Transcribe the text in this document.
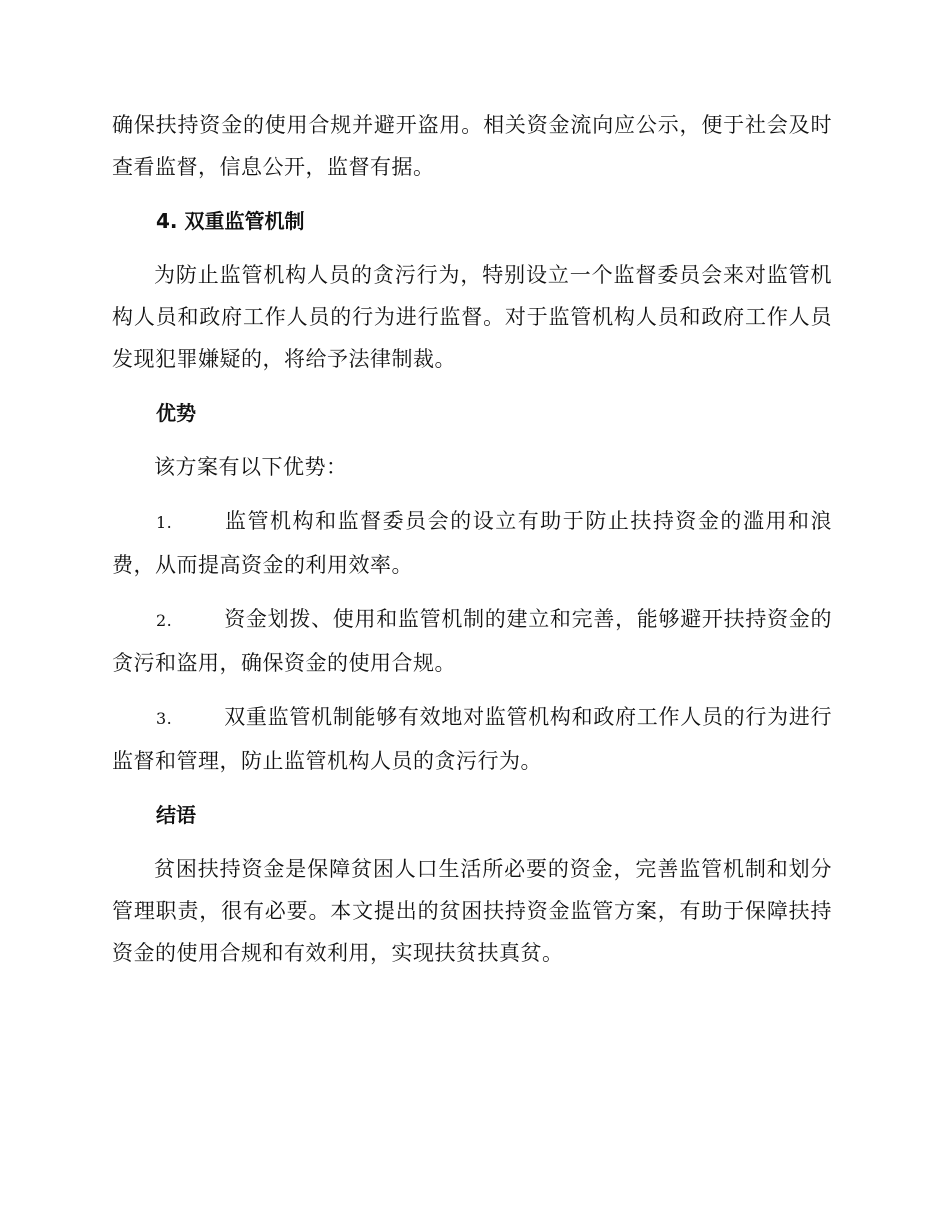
确保扶持资金的使用合规并避开盗用。相关资金流向应公示，便于社会及时查看监督，信息公开，监督有据。

4. 双重监管机制

为防止监管机构人员的贪污行为，特别设立一个监督委员会来对监管机构人员和政府工作人员的行为进行监督。对于监管机构人员和政府工作人员发现犯罪嫌疑的，将给予法律制裁。

优势

该方案有以下优势：

1. 监管机构和监督委员会的设立有助于防止扶持资金的滥用和浪费，从而提高资金的利用效率。

2. 资金划拨、使用和监管机制的建立和完善，能够避开扶持资金的贪污和盗用，确保资金的使用合规。

3. 双重监管机制能够有效地对监管机构和政府工作人员的行为进行监督和管理，防止监管机构人员的贪污行为。

结语

贫困扶持资金是保障贫困人口生活所必要的资金，完善监管机制和划分管理职责，很有必要。本文提出的贫困扶持资金监管方案，有助于保障扶持资金的使用合规和有效利用，实现扶贫扶真贫。
